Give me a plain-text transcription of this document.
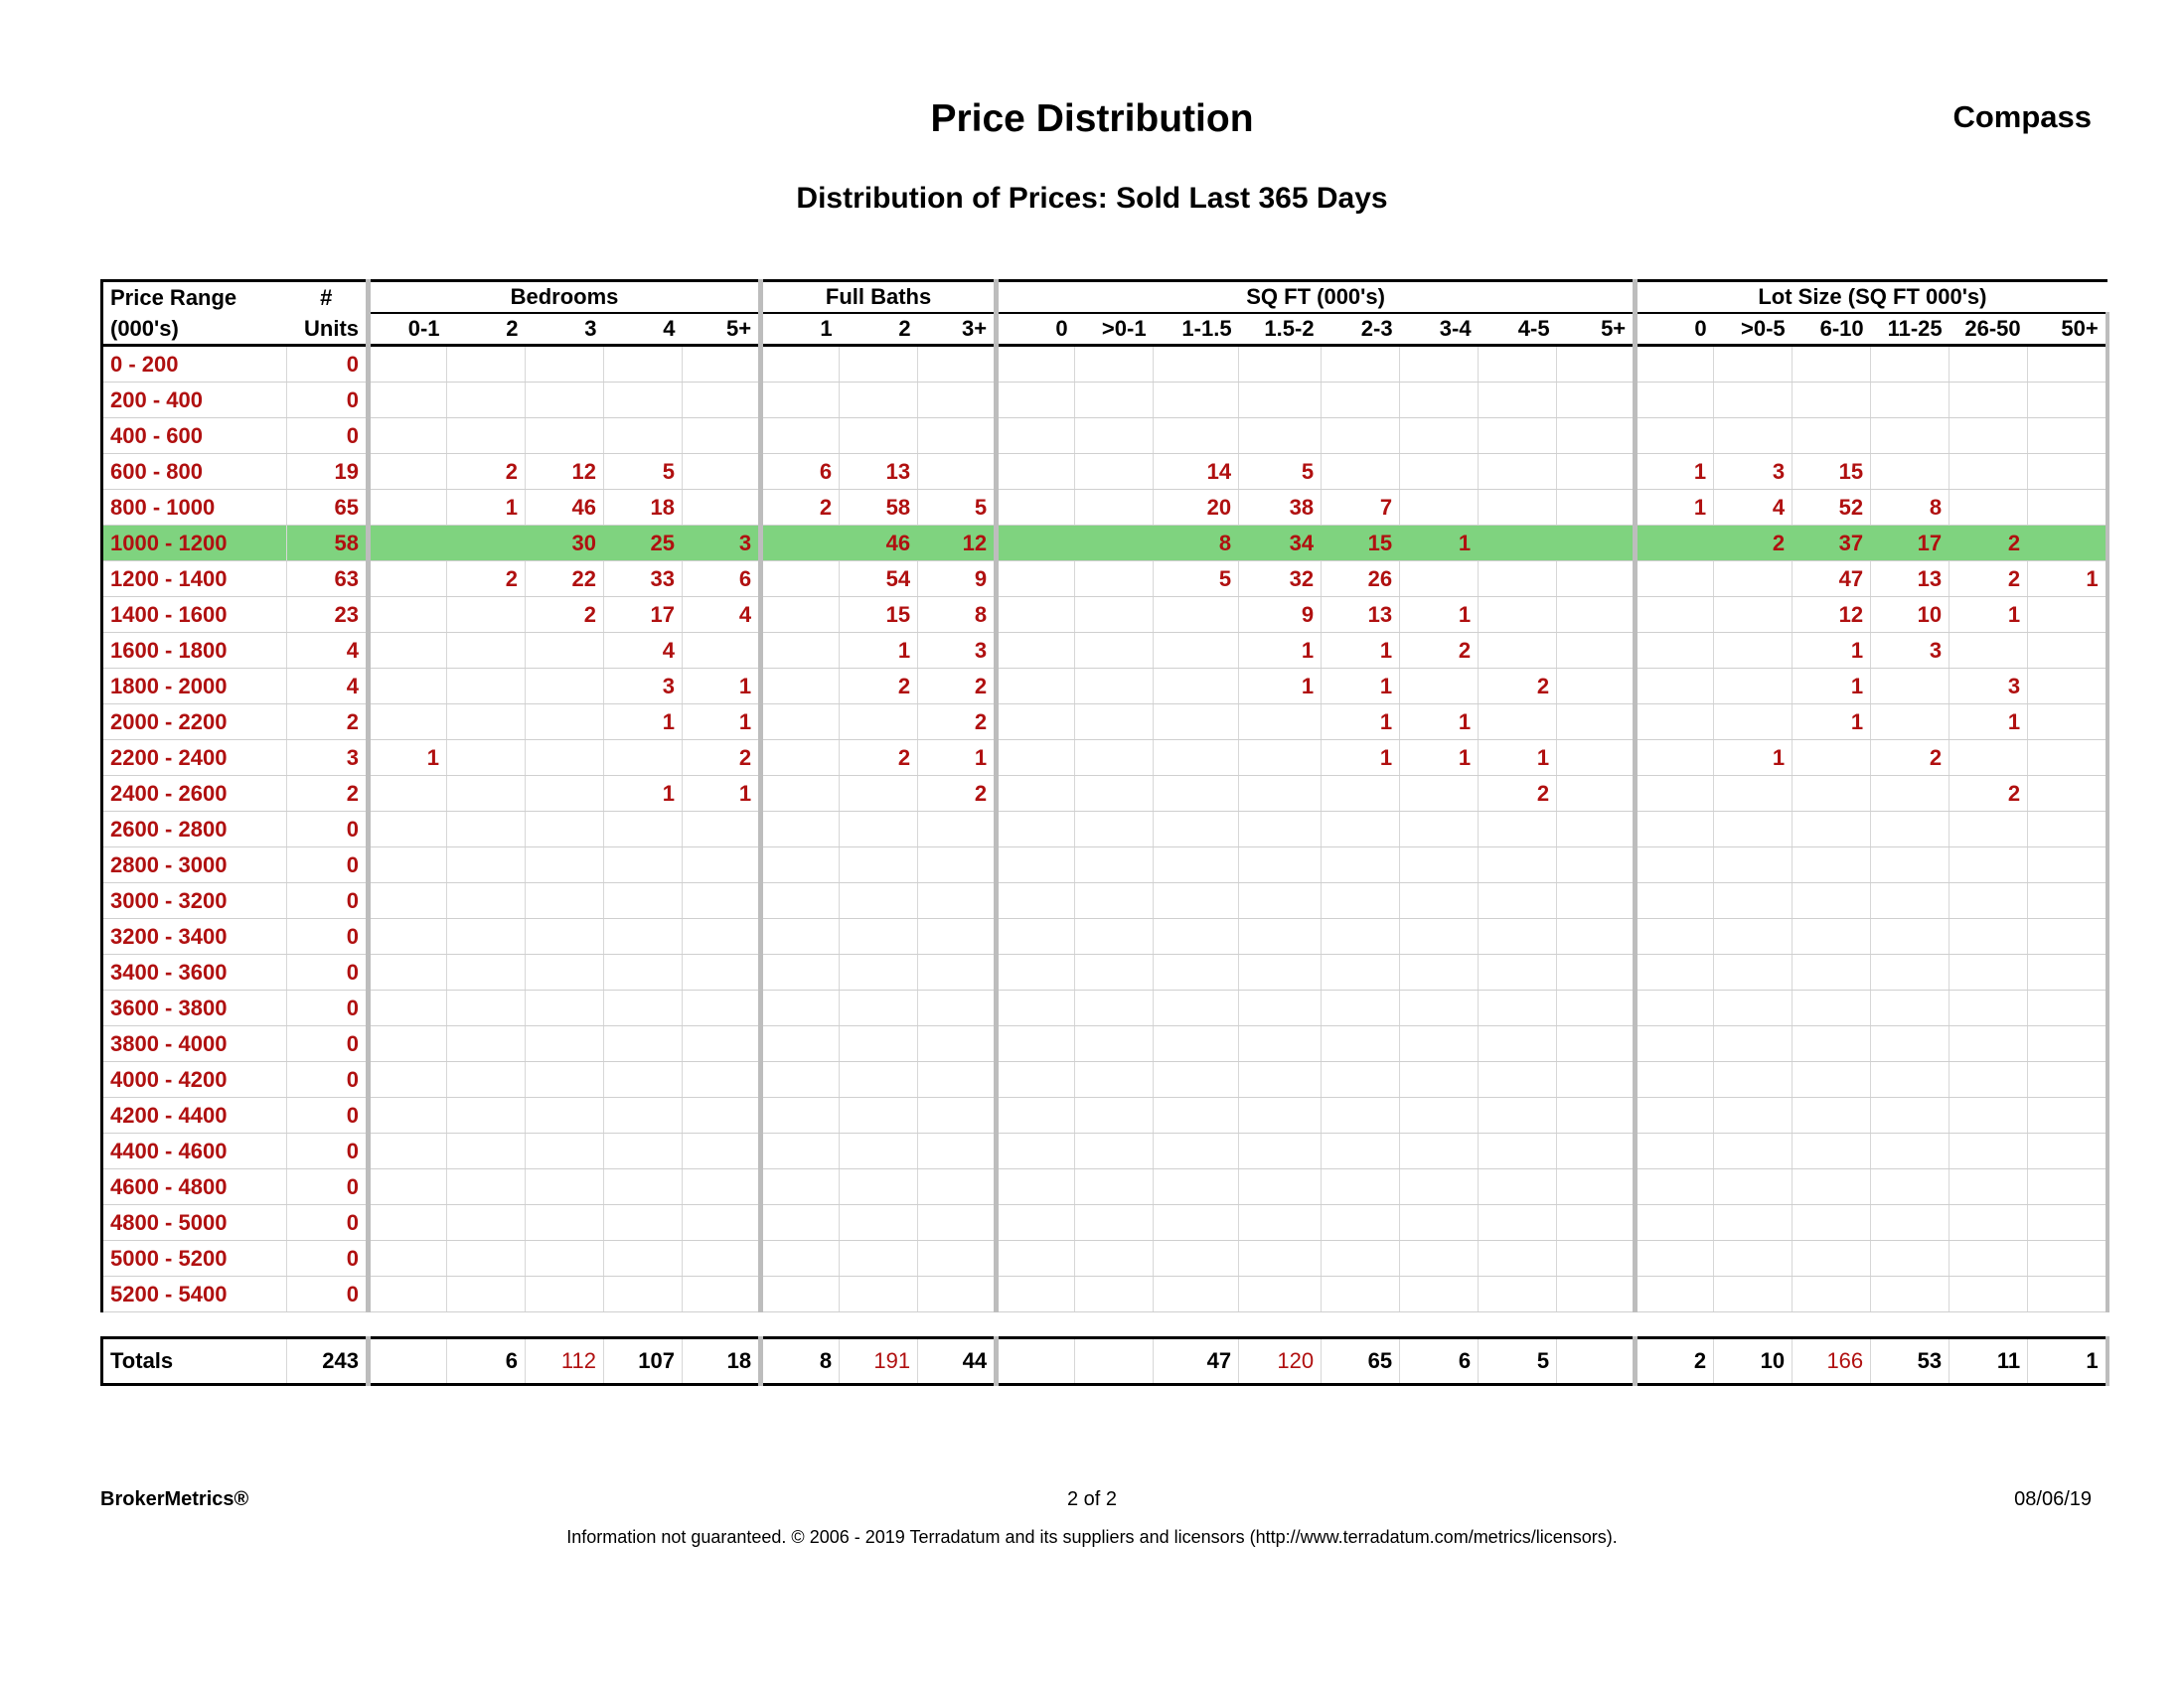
Price Distribution	Compass
Distribution of Prices: Sold Last 365 Days
Price Range	#	Bedrooms					Full Baths			SQ FT (000's)								Lot Size (SQ FT 000's)					
(000's)	Units	0-1	2	3	4	5+	1	2	3+	0	>0-1	1-1.5	1.5-2	2-3	3-4	4-5	5+	0	>0-5	6-10	11-25	26-50	50+
0 - 200	0																						
200 - 400	0																						
400 - 600	0																						
600 - 800	19		2	12	5		6	13				14	5					1	3	15			
800 - 1000	65		1	46	18		2	58	5			20	38	7				1	4	52	8		
1000 - 1200	58			30	25	3		46	12			8	34	15	1				2	37	17	2	
1200 - 1400	63		2	22	33	6		54	9			5	32	26						47	13	2	1
1400 - 1600	23			2	17	4		15	8				9	13	1					12	10	1	
1600 - 1800	4				4			1	3				1	1	2					1	3		
1800 - 2000	4				3	1		2	2				1	1		2				1		3	
2000 - 2200	2				1	1			2					1	1					1		1	
2200 - 2400	3	1				2		2	1					1	1	1			1		2		
2400 - 2600	2				1	1			2							2						2	
2600 - 2800	0																						
2800 - 3000	0																						
3000 - 3200	0																						
3200 - 3400	0																						
3400 - 3600	0																						
3600 - 3800	0																						
3800 - 4000	0																						
4000 - 4200	0																						
4200 - 4400	0																						
4400 - 4600	0																						
4600 - 4800	0																						
4800 - 5000	0																						
5000 - 5200	0																						
5200 - 5400	0																						

Totals	243		6	112	107	18	8	191	44			47	120	65	6	5		2	10	166	53	11	1
BrokerMetrics®	2 of 2	08/06/19
Information not guaranteed. © 2006 - 2019 Terradatum and its suppliers and licensors (http://www.terradatum.com/metrics/licensors).
